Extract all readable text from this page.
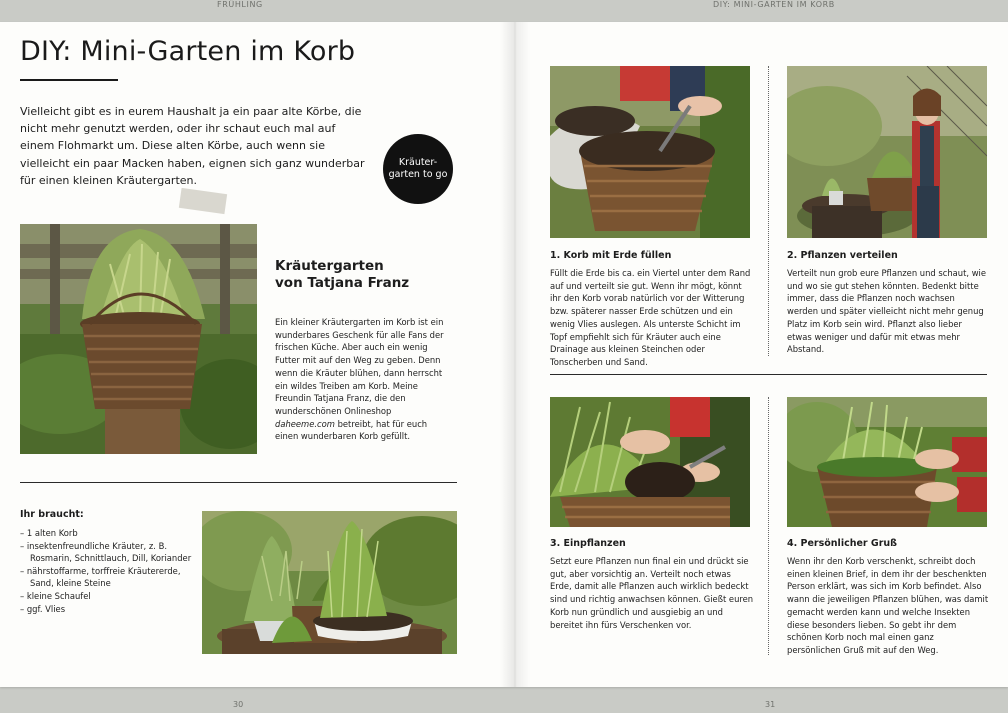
FRÜHLING	DIY: MINI-GARTEN IM KORB
DIY: Mini-Garten im Korb

Vielleicht gibt es in eurem Haushalt ja ein paar alte Körbe, die nicht mehr genutzt werden, oder ihr schaut euch mal auf einem Flohmarkt um. Diese alten Körbe, auch wenn sie vielleicht ein paar Macken haben, eignen sich ganz wunderbar für einen kleinen Kräutergarten.

Kräuter-
garten to go
Kräutergarten
von Tatjana Franz

Ein kleiner Kräutergarten im Korb ist ein wunderbares Geschenk für alle Fans der frischen Küche. Aber auch ein wenig Futter mit auf den Weg zu geben. Denn wenn die Kräuter blühen, dann herrscht ein wildes Treiben am Korb. Meine Freundin Tatjana Franz, die den wunderschönen Onlineshop daheeme.com betreibt, hat für euch einen wunderbaren Korb gefüllt.

Ihr braucht:
– 1 alten Korb
– insektenfreundliche Kräuter, z. B. Rosmarin, Schnittlauch, Dill, Koriander
– nährstoffarme, torffreie Kräutererde, Sand, kleine Steine
– kleine Schaufel
– ggf. Vlies
1. Korb mit Erde füllen

Füllt die Erde bis ca. ein Viertel unter dem Rand auf und verteilt sie gut. Wenn ihr mögt, könnt ihr den Korb vorab natürlich vor der Witterung bzw. späterer nasser Erde schützen und ein wenig Vlies auslegen. Als unterste Schicht im Topf empfiehlt sich für Kräuter auch eine Drainage aus kleinen Steinchen oder Tonscherben und Sand.

2. Pflanzen verteilen

Verteilt nun grob eure Pflanzen und schaut, wie und wo sie gut stehen könnten. Bedenkt bitte immer, dass die Pflanzen noch wachsen werden und später vielleicht nicht mehr genug Platz im Korb sein wird. Pflanzt also lieber etwas weniger und dafür mit etwas mehr Abstand.

3. Einpflanzen

Setzt eure Pflanzen nun final ein und drückt sie gut, aber vorsichtig an. Verteilt noch etwas Erde, damit alle Pflanzen auch wirklich bedeckt sind und richtig anwachsen können. Gießt euren Korb nun gründlich und ausgiebig an und bereitet ihn fürs Verschenken vor.

4. Persönlicher Gruß

Wenn ihr den Korb verschenkt, schreibt doch einen kleinen Brief, in dem ihr der beschenkten Person erklärt, was sich im Korb befindet. Also wann die jeweiligen Pflanzen blühen, was damit gemacht werden kann und welche Insekten diese besonders lieben. So gebt ihr dem schönen Korb noch mal einen ganz persönlichen Gruß mit auf den Weg.

30	31
